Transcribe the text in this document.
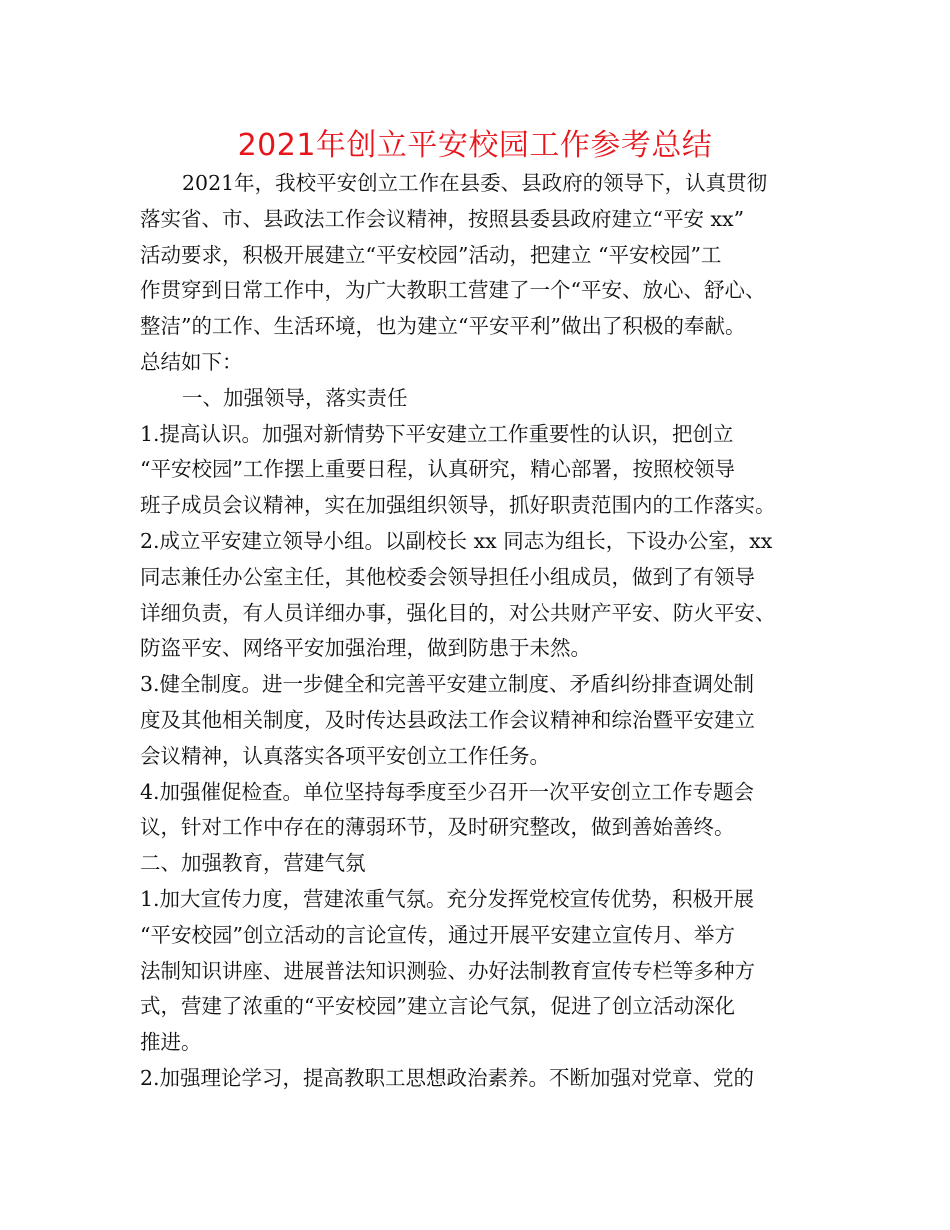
2021年创立平安校园工作参考总结

2021年，我校平安创立工作在县委、县政府的领导下，认真贯彻
落实省、市、县政法工作会议精神，按照县委县政府建立“平安 xx”
活动要求，积极开展建立“平安校园”活动，把建立 “平安校园”工
作贯穿到日常工作中，为广大教职工营建了一个“平安、放心、舒心、
整洁”的工作、生活环境，也为建立“平安平利”做出了积极的奉献。
总结如下：

一、加强领导，落实责任

1.提高认识。加强对新情势下平安建立工作重要性的认识，把创立
“平安校园”工作摆上重要日程，认真研究，精心部署，按照校领导
班子成员会议精神，实在加强组织领导，抓好职责范围内的工作落实。

2.成立平安建立领导小组。以副校长 xx 同志为组长，下设办公室，xx
同志兼任办公室主任，其他校委会领导担任小组成员，做到了有领导
详细负责，有人员详细办事，强化目的，对公共财产平安、防火平安、
防盗平安、网络平安加强治理，做到防患于未然。

3.健全制度。进一步健全和完善平安建立制度、矛盾纠纷排查调处制
度及其他相关制度，及时传达县政法工作会议精神和综治暨平安建立
会议精神，认真落实各项平安创立工作任务。

4.加强催促检查。单位坚持每季度至少召开一次平安创立工作专题会
议，针对工作中存在的薄弱环节，及时研究整改，做到善始善终。

二、加强教育，营建气氛

1.加大宣传力度，营建浓重气氛。充分发挥党校宣传优势，积极开展
“平安校园”创立活动的言论宣传，通过开展平安建立宣传月、举方
法制知识讲座、进展普法知识测验、办好法制教育宣传专栏等多种方
式，营建了浓重的“平安校园”建立言论气氛，促进了创立活动深化
推进。

2.加强理论学习，提高教职工思想政治素养。不断加强对党章、党的
